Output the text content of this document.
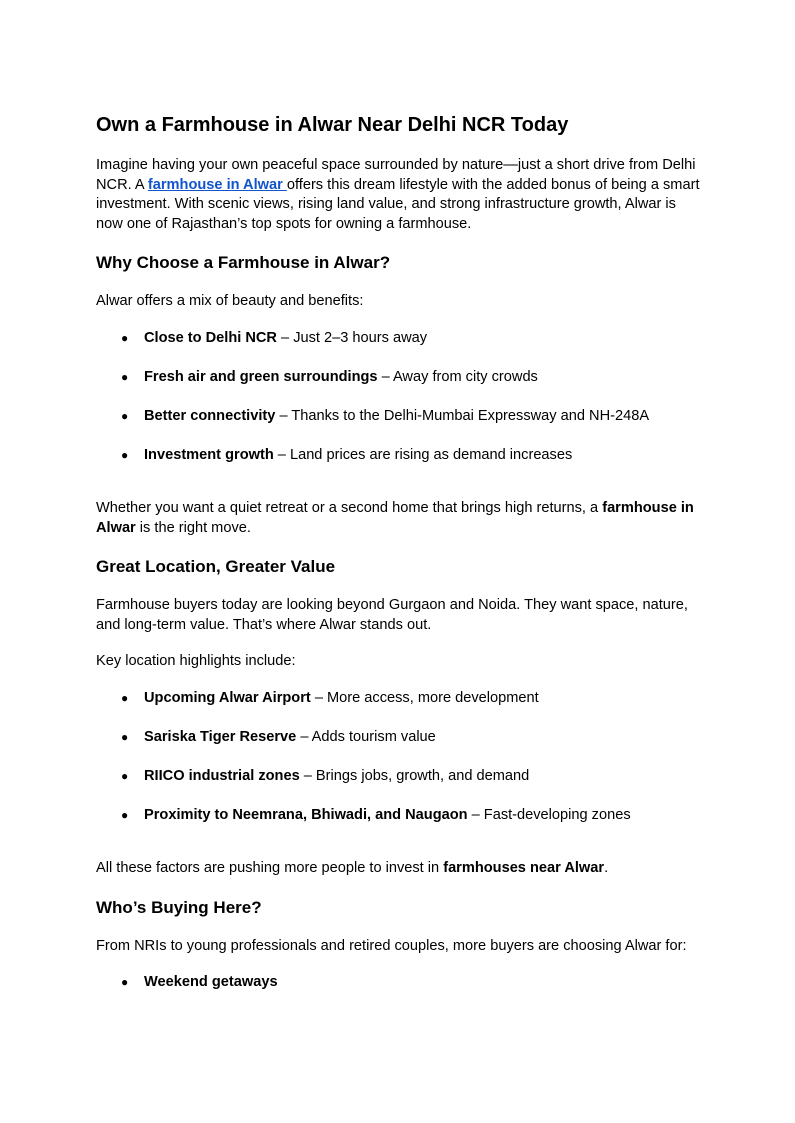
Own a Farmhouse in Alwar Near Delhi NCR Today

Imagine having your own peaceful space surrounded by nature—just a short drive from Delhi NCR. A farmhouse in Alwar offers this dream lifestyle with the added bonus of being a smart investment. With scenic views, rising land value, and strong infrastructure growth, Alwar is now one of Rajasthan’s top spots for owning a farmhouse.

Why Choose a Farmhouse in Alwar?

Alwar offers a mix of beauty and benefits:

● Close to Delhi NCR – Just 2–3 hours away
● Fresh air and green surroundings – Away from city crowds
● Better connectivity – Thanks to the Delhi-Mumbai Expressway and NH-248A
● Investment growth – Land prices are rising as demand increases

Whether you want a quiet retreat or a second home that brings high returns, a farmhouse in Alwar is the right move.

Great Location, Greater Value

Farmhouse buyers today are looking beyond Gurgaon and Noida. They want space, nature, and long-term value. That’s where Alwar stands out.

Key location highlights include:

● Upcoming Alwar Airport – More access, more development
● Sariska Tiger Reserve – Adds tourism value
● RIICO industrial zones – Brings jobs, growth, and demand
● Proximity to Neemrana, Bhiwadi, and Naugaon – Fast-developing zones

All these factors are pushing more people to invest in farmhouses near Alwar.

Who’s Buying Here?

From NRIs to young professionals and retired couples, more buyers are choosing Alwar for:

● Weekend getaways
